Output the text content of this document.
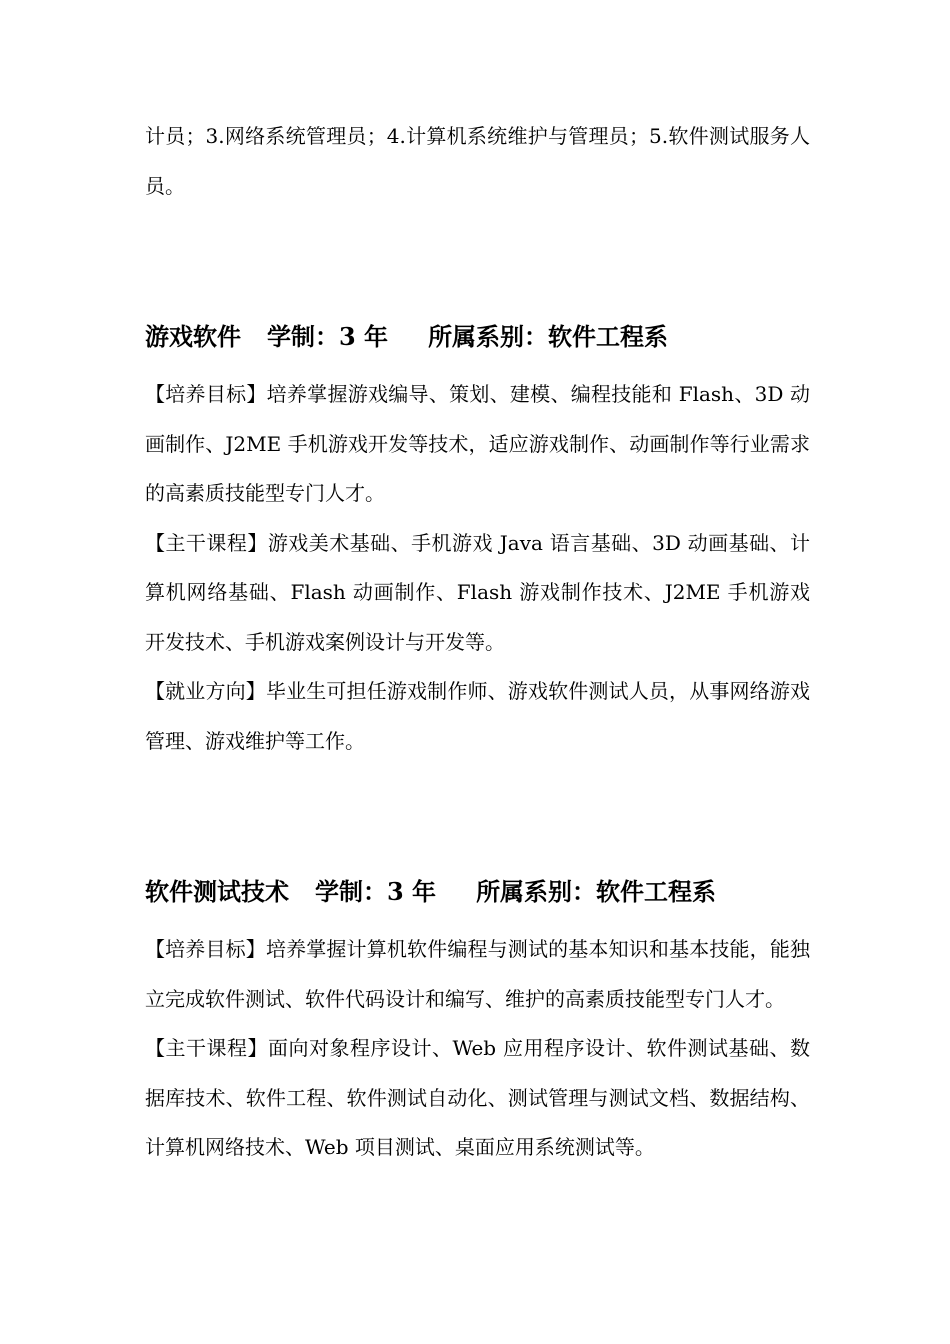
计员；3.网络系统管理员；4.计算机系统维护与管理员；5.软件测试服务人员。

游戏软件 学制：3 年 所属系别：软件工程系

【培养目标】培养掌握游戏编导、策划、建模、编程技能和 Flash、3D 动画制作、J2ME 手机游戏开发等技术，适应游戏制作、动画制作等行业需求的高素质技能型专门人才。

【主干课程】游戏美术基础、手机游戏 Java 语言基础、3D 动画基础、计算机网络基础、Flash 动画制作、Flash 游戏制作技术、J2ME 手机游戏开发技术、手机游戏案例设计与开发等。

【就业方向】毕业生可担任游戏制作师、游戏软件测试人员，从事网络游戏管理、游戏维护等工作。

软件测试技术 学制：3 年 所属系别：软件工程系

【培养目标】培养掌握计算机软件编程与测试的基本知识和基本技能，能独立完成软件测试、软件代码设计和编写、维护的高素质技能型专门人才。

【主干课程】面向对象程序设计、Web 应用程序设计、软件测试基础、数据库技术、软件工程、软件测试自动化、测试管理与测试文档、数据结构、计算机网络技术、Web 项目测试、桌面应用系统测试等。
